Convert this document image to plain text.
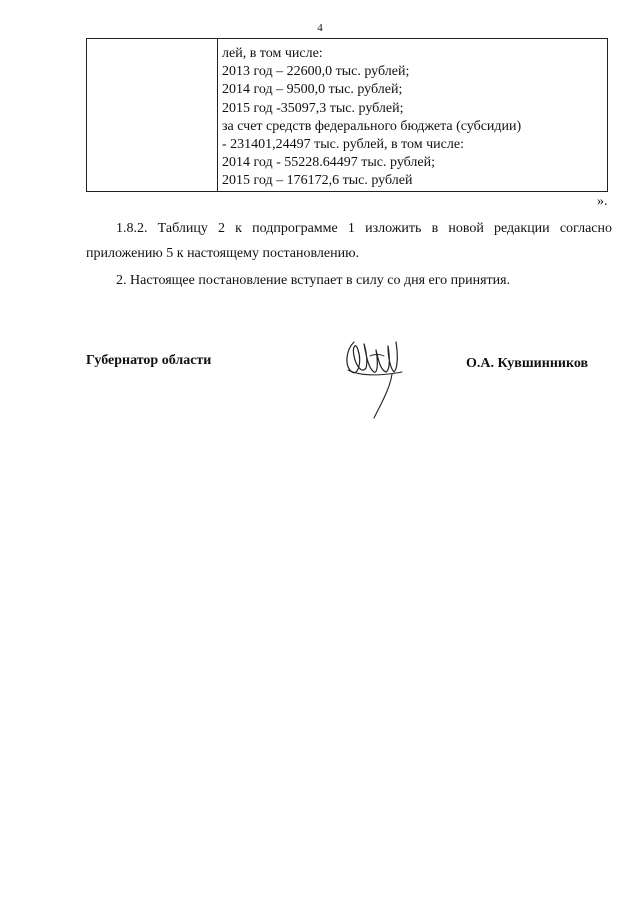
4

лей, в том числе:
2013 год – 22600,0 тыс. рублей;
2014 год – 9500,0 тыс. рублей;
2015 год -35097,3 тыс. рублей;
за счет средств федерального бюджета (субсидии)
- 231401,24497 тыс. рублей, в том числе:
2014 год - 55228.64497 тыс. рублей;
2015 год – 176172,6 тыс. рублей
».
1.8.2. Таблицу 2 к подпрограмме 1 изложить в новой редакции согласно
приложению 5 к настоящему постановлению.

2. Настоящее постановление вступает в силу со дня его принятия.

Губернатор области	О.А. Кувшинников
